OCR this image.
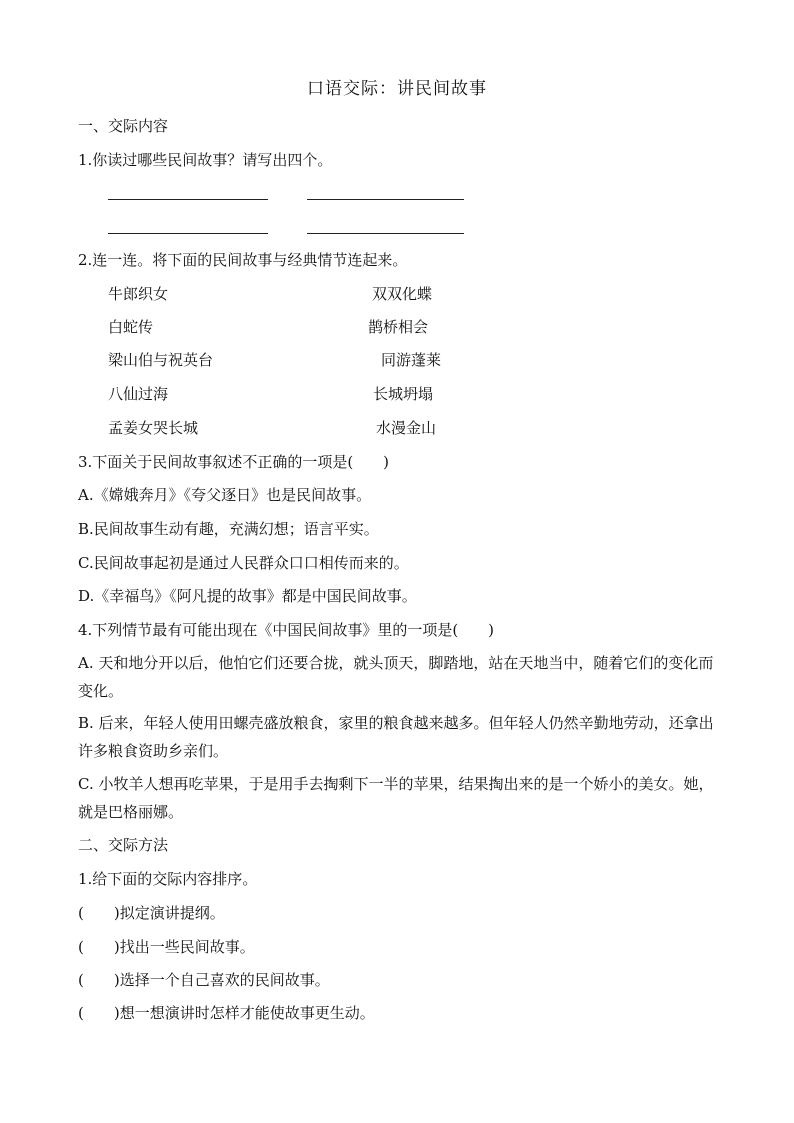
口语交际：讲民间故事
一、交际内容
1.你读过哪些民间故事？请写出四个。
2.连一连。将下面的民间故事与经典情节连起来。
牛郎织女
白蛇传
梁山伯与祝英台
八仙过海
孟姜女哭长城
双双化蝶
鹊桥相会
同游蓬莱
长城坍塌
水漫金山
3.下面关于民间故事叙述不正确的一项是(　　)
A.《嫦娥奔月》《夸父逐日》也是民间故事。
B.民间故事生动有趣，充满幻想；语言平实。
C.民间故事起初是通过人民群众口口相传而来的。
D.《幸福鸟》《阿凡提的故事》都是中国民间故事。
4.下列情节最有可能出现在《中国民间故事》里的一项是(　　)
A. 天和地分开以后，他怕它们还要合拢，就头顶天，脚踏地，站在天地当中，随着它们的变化而变化。
B. 后来，年轻人使用田螺壳盛放粮食，家里的粮食越来越多。但年轻人仍然辛勤地劳动，还拿出许多粮食资助乡亲们。
C. 小牧羊人想再吃苹果，于是用手去掏剩下一半的苹果，结果掏出来的是一个娇小的美女。她，就是巴格丽娜。
二、交际方法
1.给下面的交际内容排序。
(　　)拟定演讲提纲。
(　　)找出一些民间故事。
(　　)选择一个自己喜欢的民间故事。
(　　)想一想演讲时怎样才能使故事更生动。
